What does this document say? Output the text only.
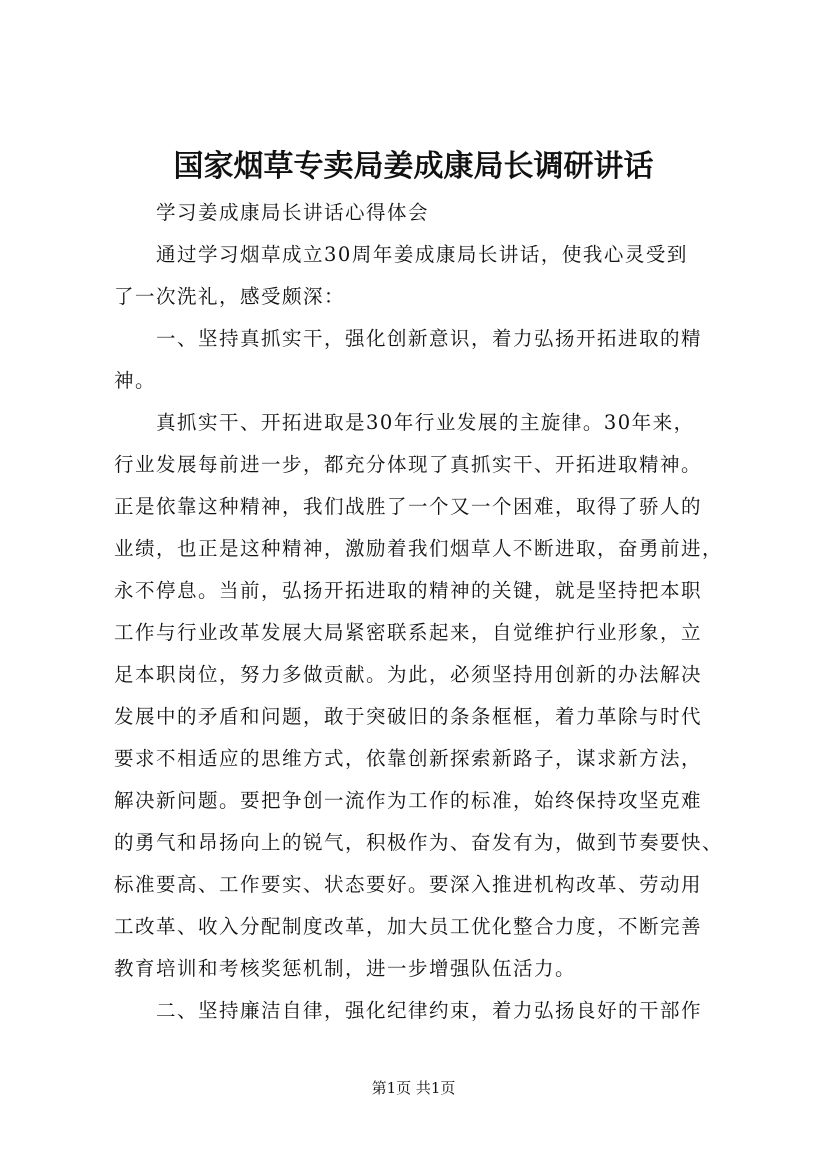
国家烟草专卖局姜成康局长调研讲话
学习姜成康局长讲话心得体会
通过学习烟草成立30周年姜成康局长讲话，使我心灵受到
了一次洗礼，感受颇深：
一、坚持真抓实干，强化创新意识，着力弘扬开拓进取的精
神。
真抓实干、开拓进取是30年行业发展的主旋律。30年来，
行业发展每前进一步，都充分体现了真抓实干、开拓进取精神。
正是依靠这种精神，我们战胜了一个又一个困难，取得了骄人的
业绩，也正是这种精神，激励着我们烟草人不断进取，奋勇前进，
永不停息。当前，弘扬开拓进取的精神的关键，就是坚持把本职
工作与行业改革发展大局紧密联系起来，自觉维护行业形象，立
足本职岗位，努力多做贡献。为此，必须坚持用创新的办法解决
发展中的矛盾和问题，敢于突破旧的条条框框，着力革除与时代
要求不相适应的思维方式，依靠创新探索新路子，谋求新方法，
解决新问题。要把争创一流作为工作的标准，始终保持攻坚克难
的勇气和昂扬向上的锐气，积极作为、奋发有为，做到节奏要快、
标准要高、工作要实、状态要好。要深入推进机构改革、劳动用
工改革、收入分配制度改革，加大员工优化整合力度，不断完善
教育培训和考核奖惩机制，进一步增强队伍活力。
二、坚持廉洁自律，强化纪律约束，着力弘扬良好的干部作
第1页 共1页
